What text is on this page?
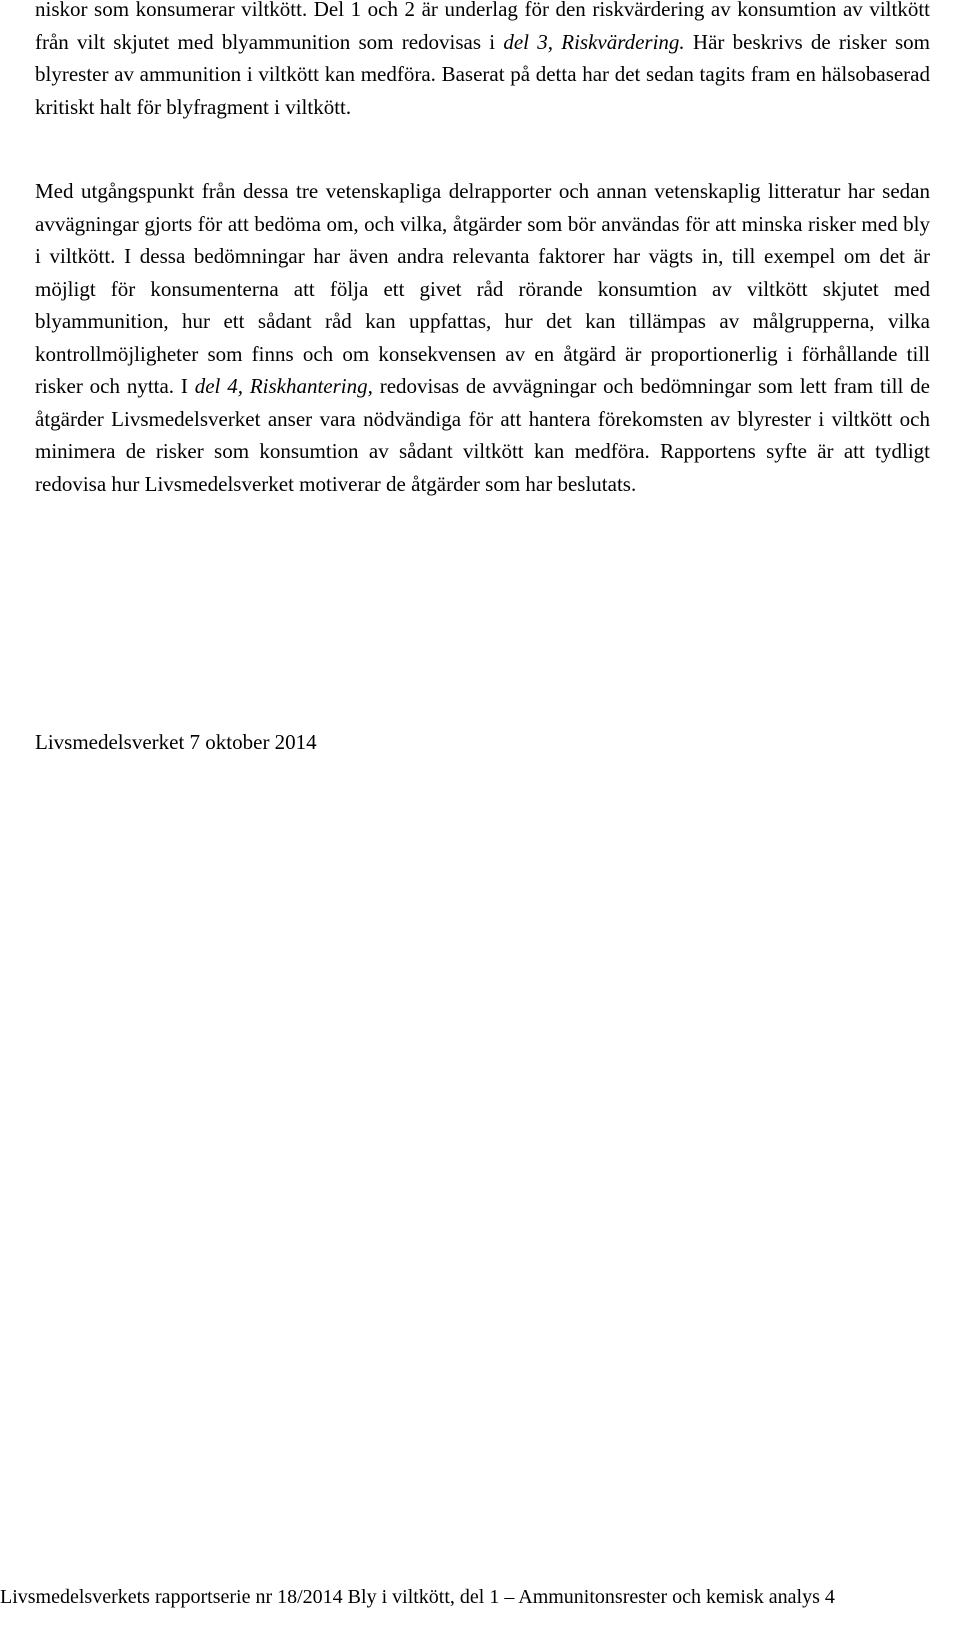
niskor som konsumerar viltkött. Del 1 och 2 är underlag för den riskvärdering av konsumtion av viltkött från vilt skjutet med blyammunition som redovisas i del 3, Riskvärdering. Här beskrivs de risker som blyrester av ammunition i viltkött kan medföra. Baserat på detta har det sedan tagits fram en hälsobaserad kritiskt halt för blyfragment i viltkött.

Med utgångspunkt från dessa tre vetenskapliga delrapporter och annan vetenskaplig litteratur har sedan avvägningar gjorts för att bedöma om, och vilka, åtgärder som bör användas för att minska risker med bly i viltkött. I dessa bedömningar har även andra relevanta faktorer har vägts in, till exempel om det är möjligt för konsumenterna att följa ett givet råd rörande konsumtion av viltkött skjutet med blyammunition, hur ett sådant råd kan uppfattas, hur det kan tillämpas av målgrupperna, vilka kontrollmöjligheter som finns och om konsekvensen av en åtgärd är proportionerlig i förhållande till risker och nytta. I del 4, Riskhantering, redovisas de avvägningar och bedömningar som lett fram till de åtgärder Livsmedelsverket anser vara nödvändiga för att hantera förekomsten av blyrester i viltkött och minimera de risker som konsumtion av sådant viltkött kan medföra. Rapportens syfte är att tydligt redovisa hur Livsmedelsverket motiverar de åtgärder som har beslutats.

Livsmedelsverket 7 oktober 2014

Livsmedelsverkets rapportserie nr 18/2014 Bly i viltkött, del 1 ‒ Ammunitonsrester och kemisk analys 4
